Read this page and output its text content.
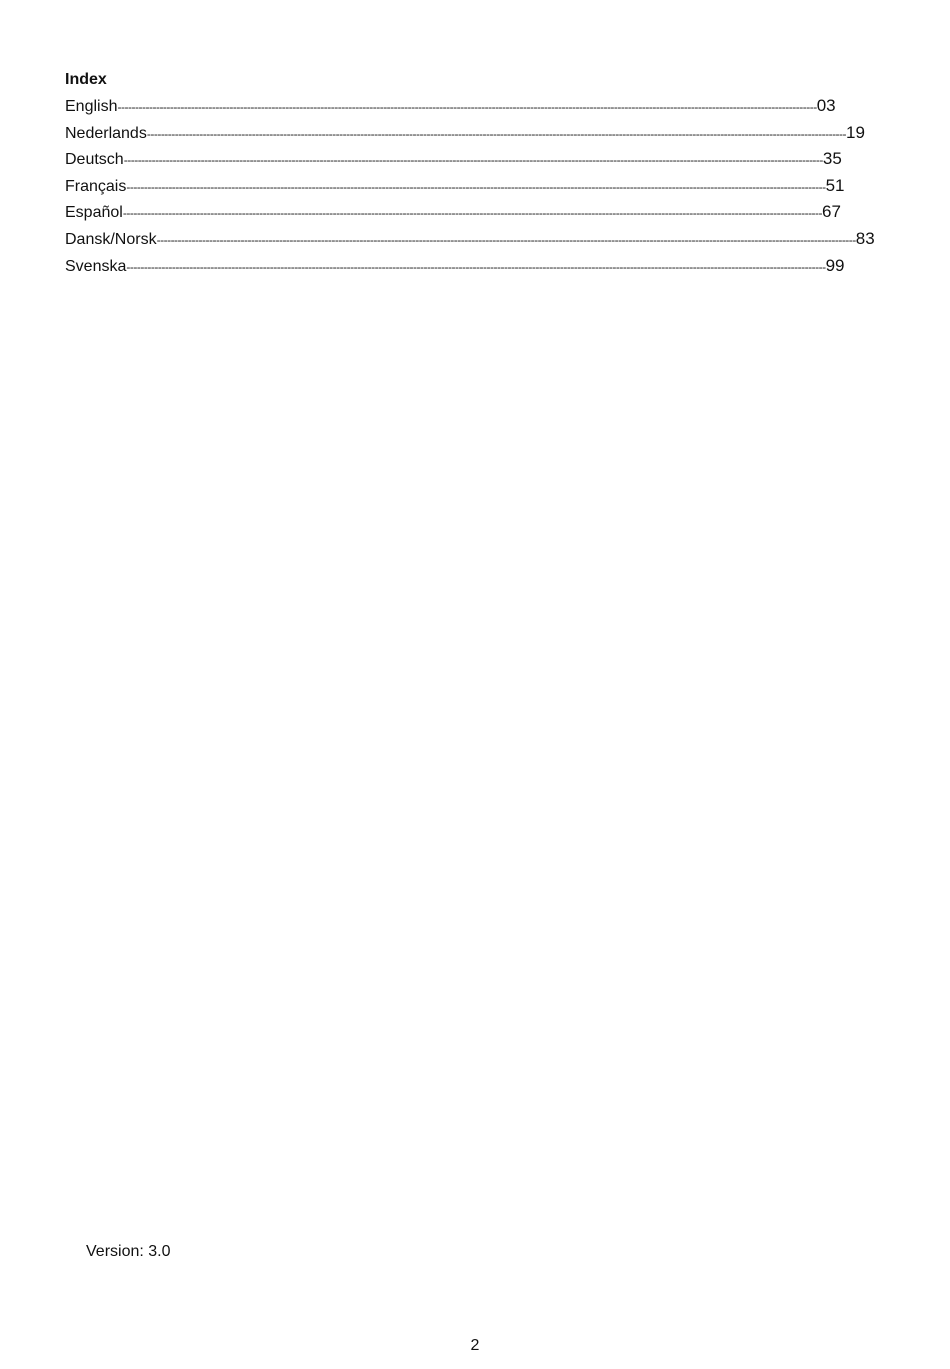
Index
English -------------------------------------------------------------------------------------------------------------------------------------------------------------------------------------------------------- 03
Nederlands -------------------------------------------------------------------------------------------------------------------------------------------------------------------------------------------------------- 19
Deutsch -------------------------------------------------------------------------------------------------------------------------------------------------------------------------------------------------------- 35
Français -------------------------------------------------------------------------------------------------------------------------------------------------------------------------------------------------------- 51
Español -------------------------------------------------------------------------------------------------------------------------------------------------------------------------------------------------------- 67
Dansk/Norsk -------------------------------------------------------------------------------------------------------------------------------------------------------------------------------------------------------- 83
Svenska -------------------------------------------------------------------------------------------------------------------------------------------------------------------------------------------------------- 99

Version: 3.0

2
